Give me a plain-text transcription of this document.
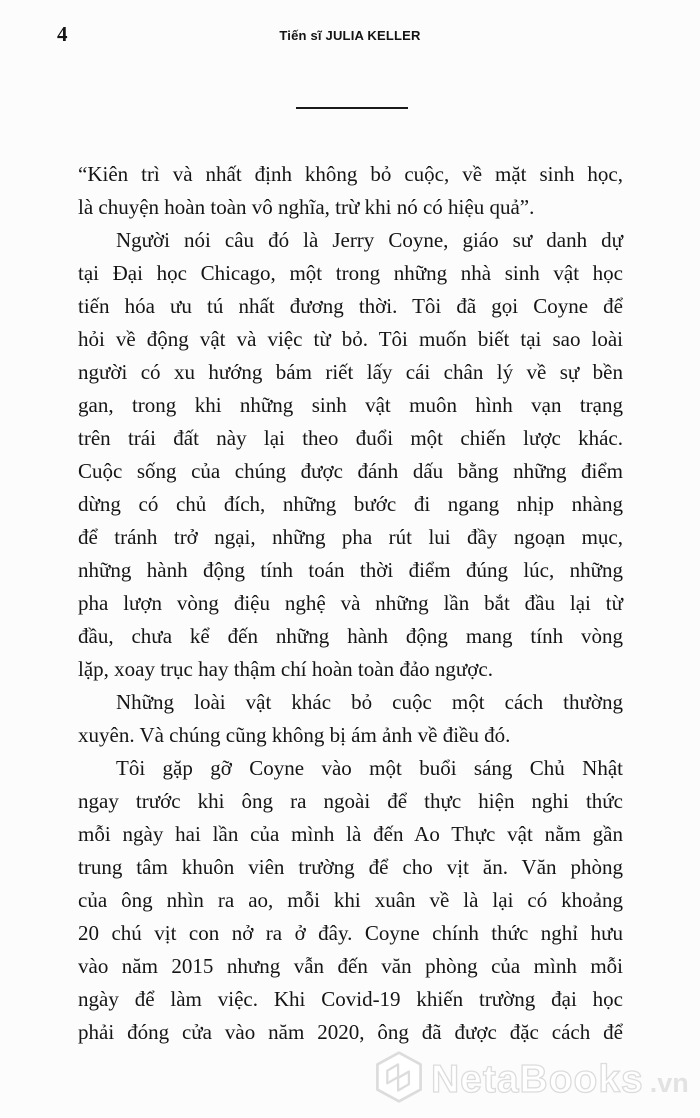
4	Tiến sĩ JULIA KELLER
“Kiên trì và nhất định không bỏ cuộc, về mặt sinh học,
là chuyện hoàn toàn vô nghĩa, trừ khi nó có hiệu quả”.
Người nói câu đó là Jerry Coyne, giáo sư danh dự
tại Đại học Chicago, một trong những nhà sinh vật học
tiến hóa ưu tú nhất đương thời. Tôi đã gọi Coyne để
hỏi về động vật và việc từ bỏ. Tôi muốn biết tại sao loài
người có xu hướng bám riết lấy cái chân lý về sự bền
gan, trong khi những sinh vật muôn hình vạn trạng
trên trái đất này lại theo đuổi một chiến lược khác.
Cuộc sống của chúng được đánh dấu bằng những điểm
dừng có chủ đích, những bước đi ngang nhịp nhàng
để tránh trở ngại, những pha rút lui đầy ngoạn mục,
những hành động tính toán thời điểm đúng lúc, những
pha lượn vòng điệu nghệ và những lần bắt đầu lại từ
đầu, chưa kể đến những hành động mang tính vòng
lặp, xoay trục hay thậm chí hoàn toàn đảo ngược.
Những loài vật khác bỏ cuộc một cách thường
xuyên. Và chúng cũng không bị ám ảnh về điều đó.
Tôi gặp gỡ Coyne vào một buổi sáng Chủ Nhật
ngay trước khi ông ra ngoài để thực hiện nghi thức
mỗi ngày hai lần của mình là đến Ao Thực vật nằm gần
trung tâm khuôn viên trường để cho vịt ăn. Văn phòng
của ông nhìn ra ao, mỗi khi xuân về là lại có khoảng
20 chú vịt con nở ra ở đây. Coyne chính thức nghỉ hưu
vào năm 2015 nhưng vẫn đến văn phòng của mình mỗi
ngày để làm việc. Khi Covid-19 khiến trường đại học
phải đóng cửa vào năm 2020, ông đã được đặc cách để
NetaBooks .vn
